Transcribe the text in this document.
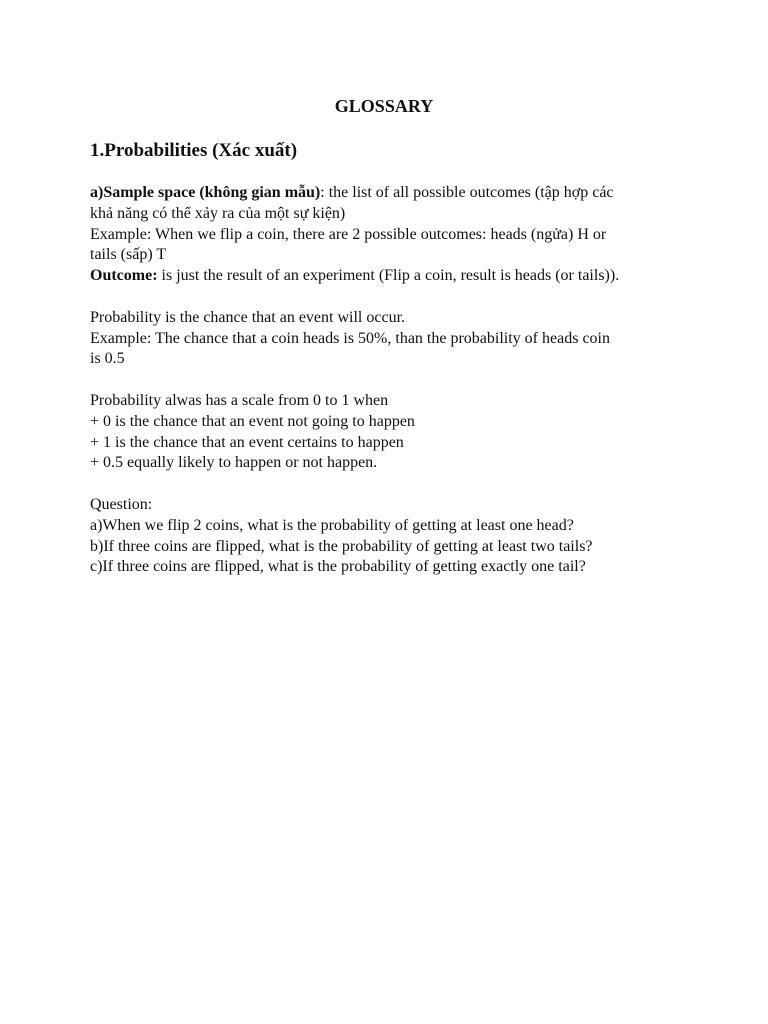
GLOSSARY
1.Probabilities (Xác xuất)
a)Sample space (không gian mẫu): the list of all possible outcomes (tập hợp các
khả năng có thể xảy ra của một sự kiện)
Example: When we flip a coin, there are 2 possible outcomes: heads (ngửa) H or
tails (sấp) T
Outcome: is just the result of an experiment (Flip a coin, result is heads (or tails)).
Probability is the chance that an event will occur.
Example: The chance that a coin heads is 50%, than the probability of heads coin
is 0.5
Probability alwas has a scale from 0 to 1 when
+ 0 is the chance that an event not going to happen
+ 1 is the chance that an event certains to happen
+ 0.5 equally likely to happen or not happen.
Question:
a)When we flip 2 coins, what is the probability of getting at least one head?
b)If three coins are flipped, what is the probability of getting at least two tails?
c)If three coins are flipped, what is the probability of getting exactly one tail?
